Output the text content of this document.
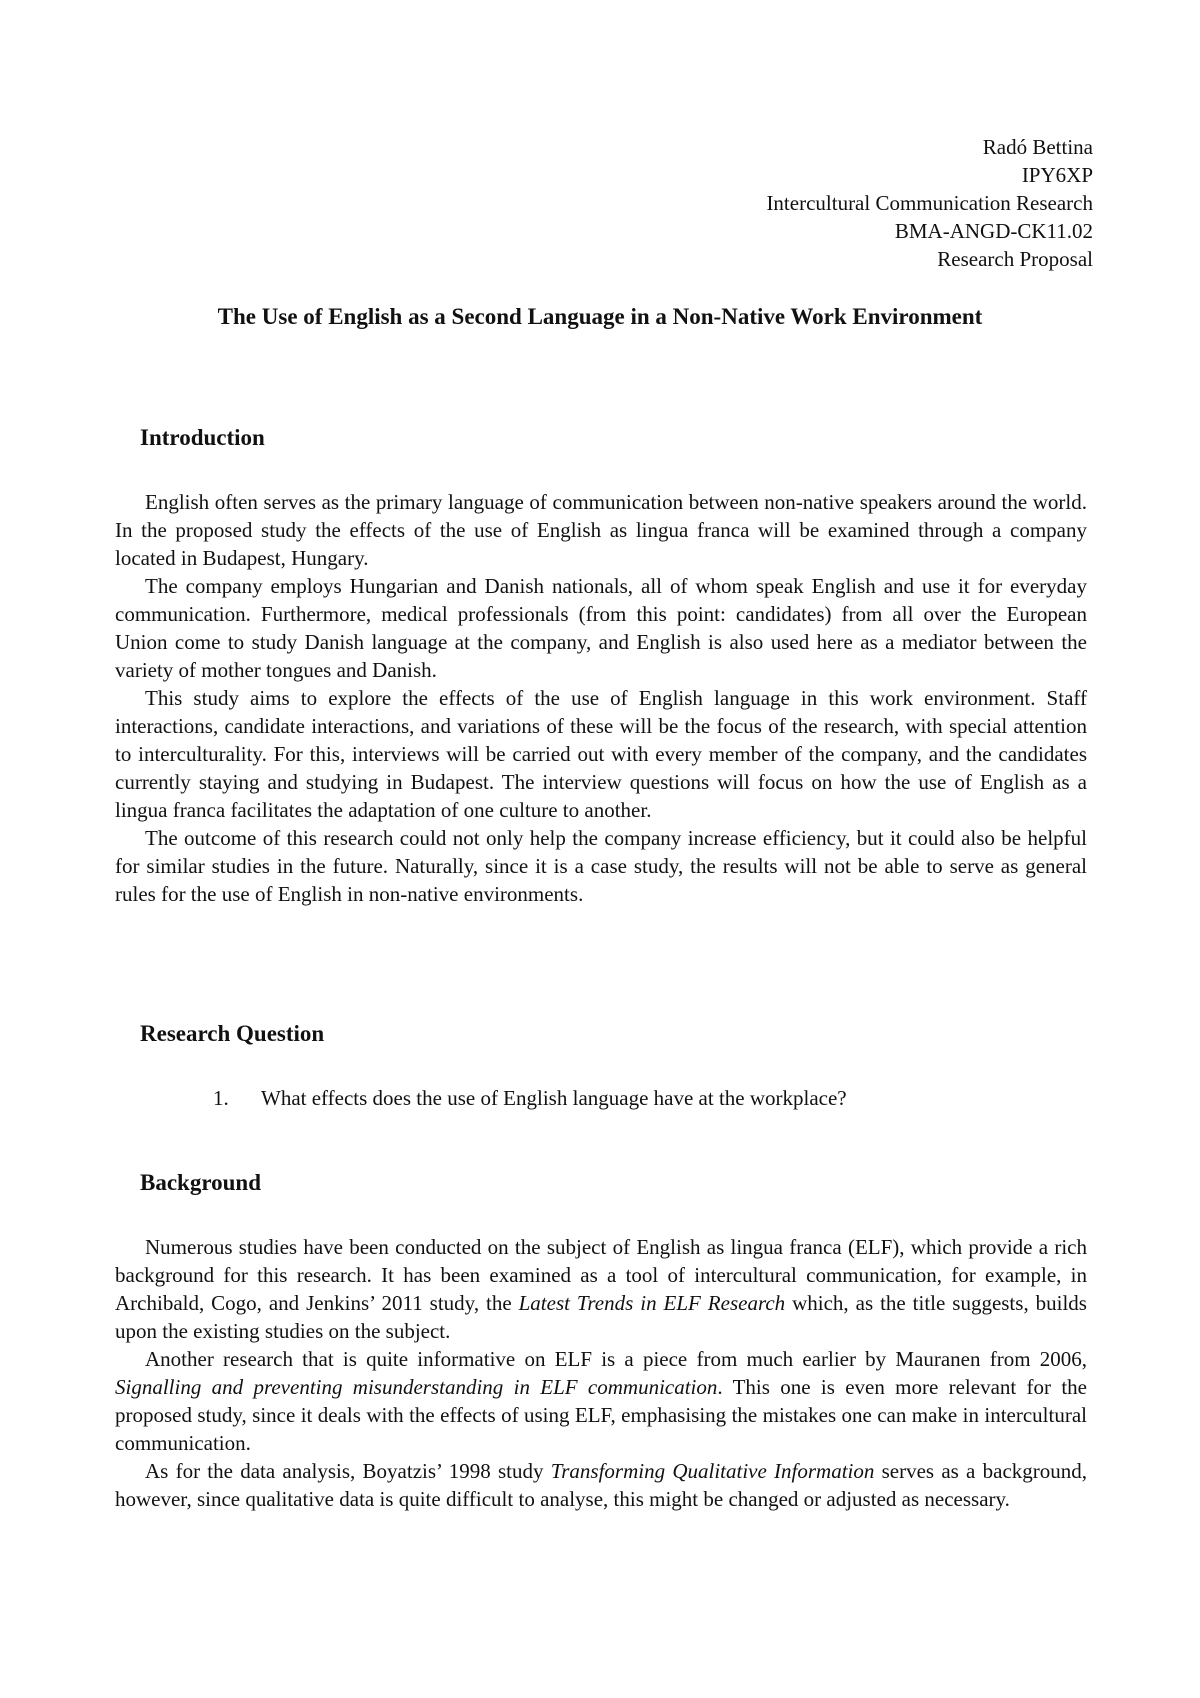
Radó Bettina
IPY6XP
Intercultural Communication Research
BMA-ANGD-CK11.02
Research Proposal
The Use of English as a Second Language in a Non-Native Work Environment
Introduction

English often serves as the primary language of communication between non-native speakers around the world. In the proposed study the effects of the use of English as lingua franca will be examined through a company located in Budapest, Hungary.

The company employs Hungarian and Danish nationals, all of whom speak English and use it for everyday communication. Furthermore, medical professionals (from this point: candidates) from all over the European Union come to study Danish language at the company, and English is also used here as a mediator between the variety of mother tongues and Danish.

This study aims to explore the effects of the use of English language in this work environment. Staff interactions, candidate interactions, and variations of these will be the focus of the research, with special attention to interculturality. For this, interviews will be carried out with every member of the company, and the candidates currently staying and studying in Budapest. The interview questions will focus on how the use of English as a lingua franca facilitates the adaptation of one culture to another.

The outcome of this research could not only help the company increase efficiency, but it could also be helpful for similar studies in the future. Naturally, since it is a case study, the results will not be able to serve as general rules for the use of English in non-native environments.

Research Question
1. What effects does the use of English language have at the workplace?
Background

Numerous studies have been conducted on the subject of English as lingua franca (ELF), which provide a rich background for this research. It has been examined as a tool of intercultural communication, for example, in Archibald, Cogo, and Jenkins’ 2011 study, the Latest Trends in ELF Research which, as the title suggests, builds upon the existing studies on the subject.

Another research that is quite informative on ELF is a piece from much earlier by Mauranen from 2006, Signalling and preventing misunderstanding in ELF communication. This one is even more relevant for the proposed study, since it deals with the effects of using ELF, emphasising the mistakes one can make in intercultural communication.

As for the data analysis, Boyatzis’ 1998 study Transforming Qualitative Information serves as a background, however, since qualitative data is quite difficult to analyse, this might be changed or adjusted as necessary.
